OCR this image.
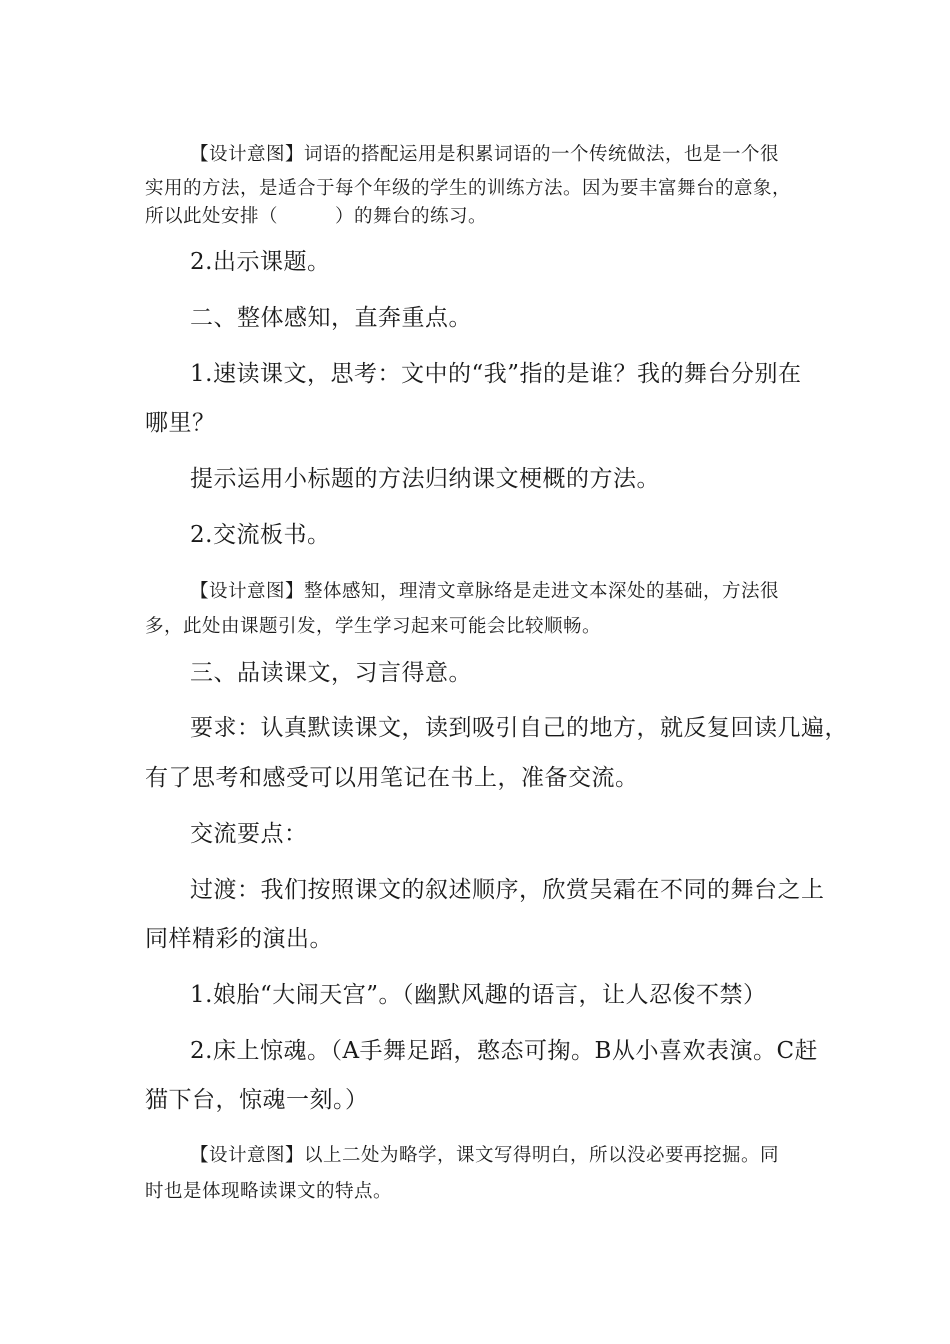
【设计意图】词语的搭配运用是积累词语的一个传统做法，也是一个很

实用的方法，是适合于每个年级的学生的训练方法。因为要丰富舞台的意象，

所以此处安排（　　　）的舞台的练习。

2.出示课题。

二、整体感知，直奔重点。

1.速读课文，思考：文中的“我”指的是谁？我的舞台分别在

哪里？

提示运用小标题的方法归纳课文梗概的方法。

2.交流板书。

【设计意图】整体感知，理清文章脉络是走进文本深处的基础，方法很

多，此处由课题引发，学生学习起来可能会比较顺畅。

三、品读课文，习言得意。

要求：认真默读课文，读到吸引自己的地方，就反复回读几遍，

有了思考和感受可以用笔记在书上，准备交流。

交流要点：

过渡：我们按照课文的叙述顺序，欣赏吴霜在不同的舞台之上

同样精彩的演出。

1.娘胎“大闹天宫”。（幽默风趣的语言，让人忍俊不禁）

2.床上惊魂。（A手舞足蹈，憨态可掬。B从小喜欢表演。C赶

猫下台，惊魂一刻。）

【设计意图】以上二处为略学，课文写得明白，所以没必要再挖掘。同

时也是体现略读课文的特点。
